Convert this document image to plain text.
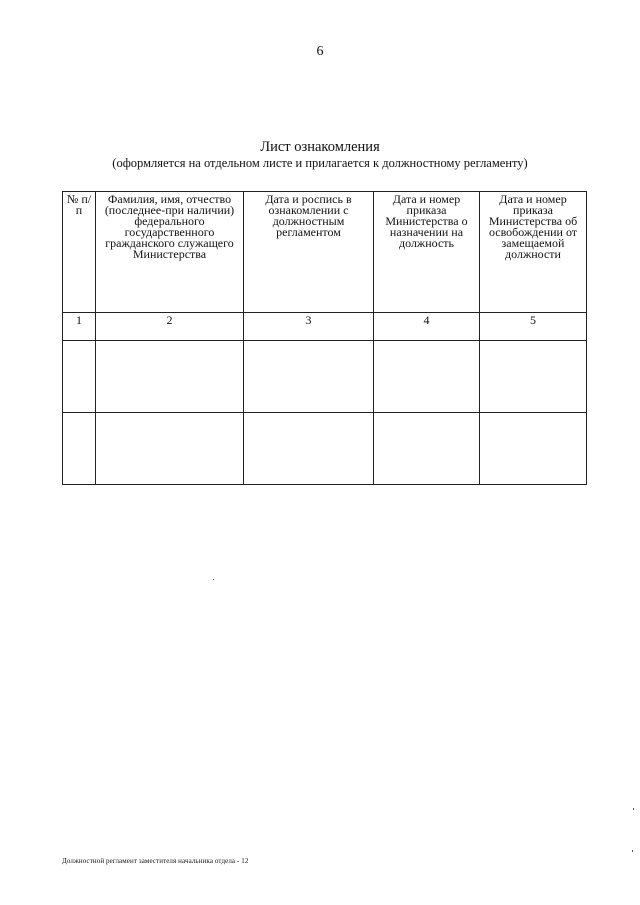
6
Лист ознакомления
(оформляется на отдельном листе и прилагается к должностному регламенту)
№ п/п	Фамилия, имя, отчество (последнее-при наличии) федерального государственного гражданского служащего Министерства	Дата и роспись в ознакомлении с должностным регламентом	Дата и номер приказа Министерства о назначении на должность	Дата и номер приказа Министерства об освобождении от замещаемой должности
1	2	3	4	5

Должностной регламент заместителя начальника отдела - 12
